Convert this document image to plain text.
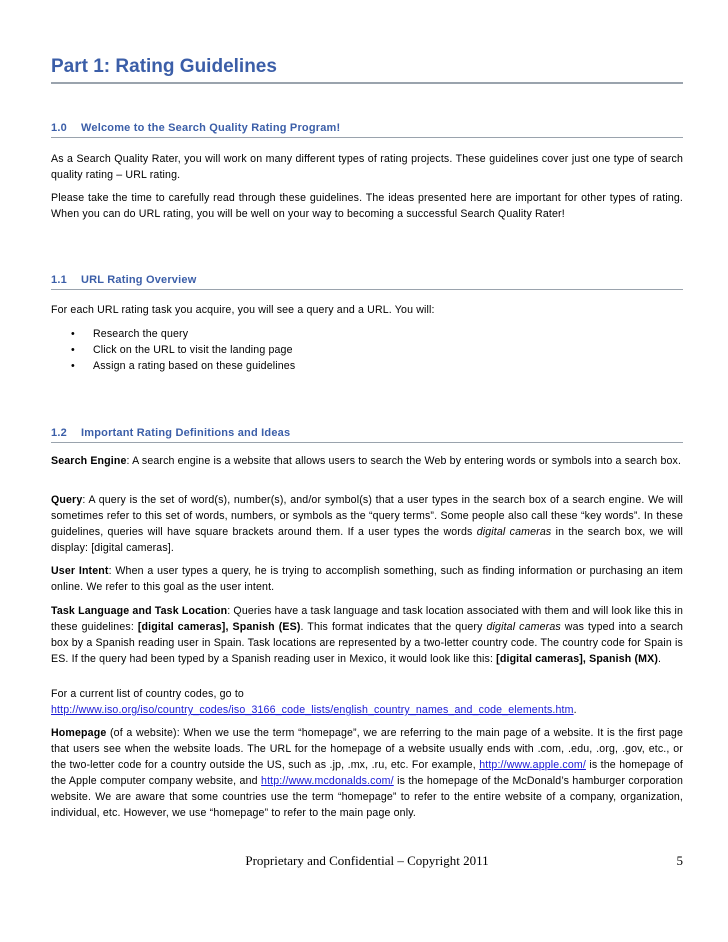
Part 1: Rating Guidelines
1.0 Welcome to the Search Quality Rating Program!
As a Search Quality Rater, you will work on many different types of rating projects. These guidelines cover just one type of search quality rating – URL rating.
Please take the time to carefully read through these guidelines. The ideas presented here are important for other types of rating. When you can do URL rating, you will be well on your way to becoming a successful Search Quality Rater!
1.1 URL Rating Overview
For each URL rating task you acquire, you will see a query and a URL. You will:
• Research the query
• Click on the URL to visit the landing page
• Assign a rating based on these guidelines
1.2 Important Rating Definitions and Ideas
Search Engine: A search engine is a website that allows users to search the Web by entering words or symbols into a search box.
Query: A query is the set of word(s), number(s), and/or symbol(s) that a user types in the search box of a search engine. We will sometimes refer to this set of words, numbers, or symbols as the “query terms”. Some people also call these “key words”. In these guidelines, queries will have square brackets around them. If a user types the words digital cameras in the search box, we will display: [digital cameras].
User Intent: When a user types a query, he is trying to accomplish something, such as finding information or purchasing an item online. We refer to this goal as the user intent.
Task Language and Task Location: Queries have a task language and task location associated with them and will look like this in these guidelines: [digital cameras], Spanish (ES). This format indicates that the query digital cameras was typed into a search box by a Spanish reading user in Spain. Task locations are represented by a two-letter country code. The country code for Spain is ES. If the query had been typed by a Spanish reading user in Mexico, it would look like this: [digital cameras], Spanish (MX).
For a current list of country codes, go to
http://www.iso.org/iso/country_codes/iso_3166_code_lists/english_country_names_and_code_elements.htm.
Homepage (of a website): When we use the term “homepage”, we are referring to the main page of a website. It is the first page that users see when the website loads. The URL for the homepage of a website usually ends with .com, .edu, .org, .gov, etc., or the two-letter code for a country outside the US, such as .jp, .mx, .ru, etc. For example, http://www.apple.com/ is the homepage of the Apple computer company website, and http://www.mcdonalds.com/ is the homepage of the McDonald’s hamburger corporation website. We are aware that some countries use the term “homepage” to refer to the entire website of a company, organization, individual, etc. However, we use “homepage” to refer to the main page only.
Proprietary and Confidential – Copyright 2011	5
